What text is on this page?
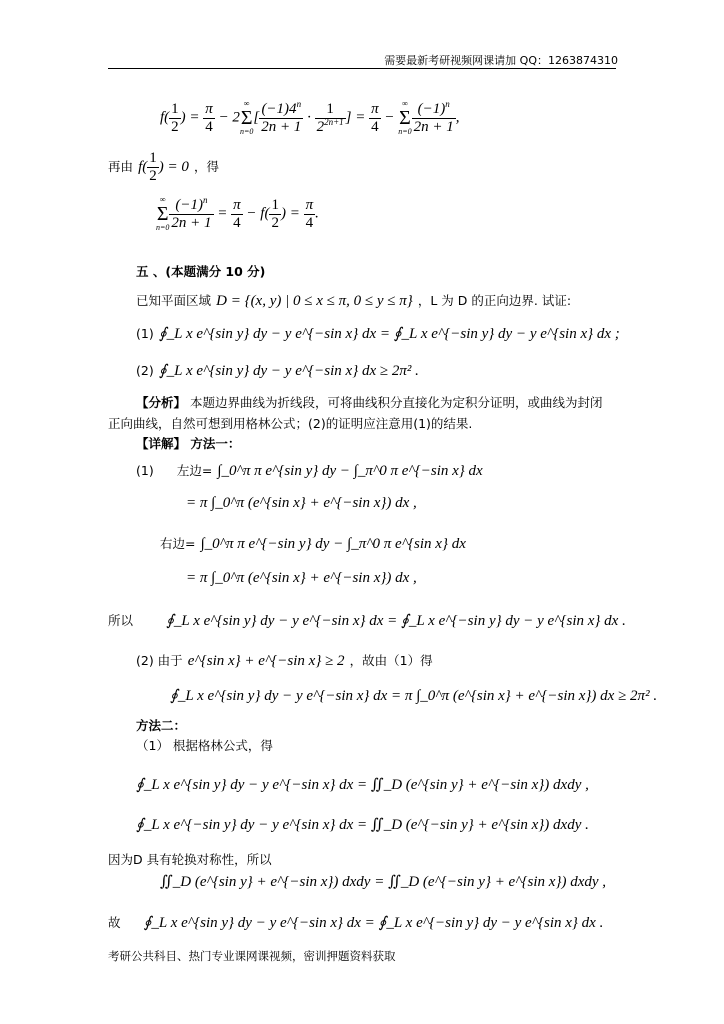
需要最新考研视频网课请加 QQ：1263874310
$f( \frac{1}{2}$ ) = $\frac{\pi}{4} - 2$
∞
Σ
n=0
[ $\frac{(-1)4^n}{2n + 1} \cdot \frac{1}{2^{2n+1}}$ ] = $\frac{\pi}{4}$ −
∞
Σ
$n=0 \frac{(-1)^n}{2n + 1}$ ,
再由 $f( \frac{1}{2}$ ) = 0 ，得
∞
Σ
$n=0 \frac{(-1)^n}{2n + 1} = \frac{\pi}{4} - f( \frac{1}{2}$ ) = $\frac{\pi}{4}$ .
五 、(本题满分 10 分)
已知平面区域 D = {(x, y) | 0 ≤ x ≤ π, 0 ≤ y ≤ π} ，L 为 D 的正向边界. 试证:
(1) ∮_L x e^{sin y} dy − y e^{−sin x} dx = ∮_L x e^{−sin y} dy − y e^{sin x} dx ;
(2) ∮_L x e^{sin y} dy − y e^{−sin x} dx ≥ 2π² .
【分析】 本题边界曲线为折线段，可将曲线积分直接化为定积分证明，或曲线为封闭
正向曲线，自然可想到用格林公式；(2)的证明应注意用(1)的结果.
【详解】 方法一：
(1) 左边= ∫_0^π π e^{sin y} dy − ∫_π^0 π e^{−sin x} dx
= π ∫_0^π (e^{sin x} + e^{−sin x}) dx ,
右边= ∫_0^π π e^{−sin y} dy − ∫_π^0 π e^{sin x} dx
= π ∫_0^π (e^{sin x} + e^{−sin x}) dx ,
所以 ∮_L x e^{sin y} dy − y e^{−sin x} dx = ∮_L x e^{−sin y} dy − y e^{sin x} dx .
(2) 由于 e^{sin x} + e^{−sin x} ≥ 2 ，故由（1）得
∮_L x e^{sin y} dy − y e^{−sin x} dx = π ∫_0^π (e^{sin x} + e^{−sin x}) dx ≥ 2π² .
方法二：
（1） 根据格林公式，得
∮_L x e^{sin y} dy − y e^{−sin x} dx = ∬_D (e^{sin y} + e^{−sin x}) dxdy ,
∮_L x e^{−sin y} dy − y e^{sin x} dx = ∬_D (e^{−sin y} + e^{sin x}) dxdy .
因为D 具有轮换对称性，所以
∬_D (e^{sin y} + e^{−sin x}) dxdy = ∬_D (e^{−sin y} + e^{sin x}) dxdy ,
故 ∮_L x e^{sin y} dy − y e^{−sin x} dx = ∮_L x e^{−sin y} dy − y e^{sin x} dx .
考研公共科目、热门专业课网课视频，密训押题资料获取
